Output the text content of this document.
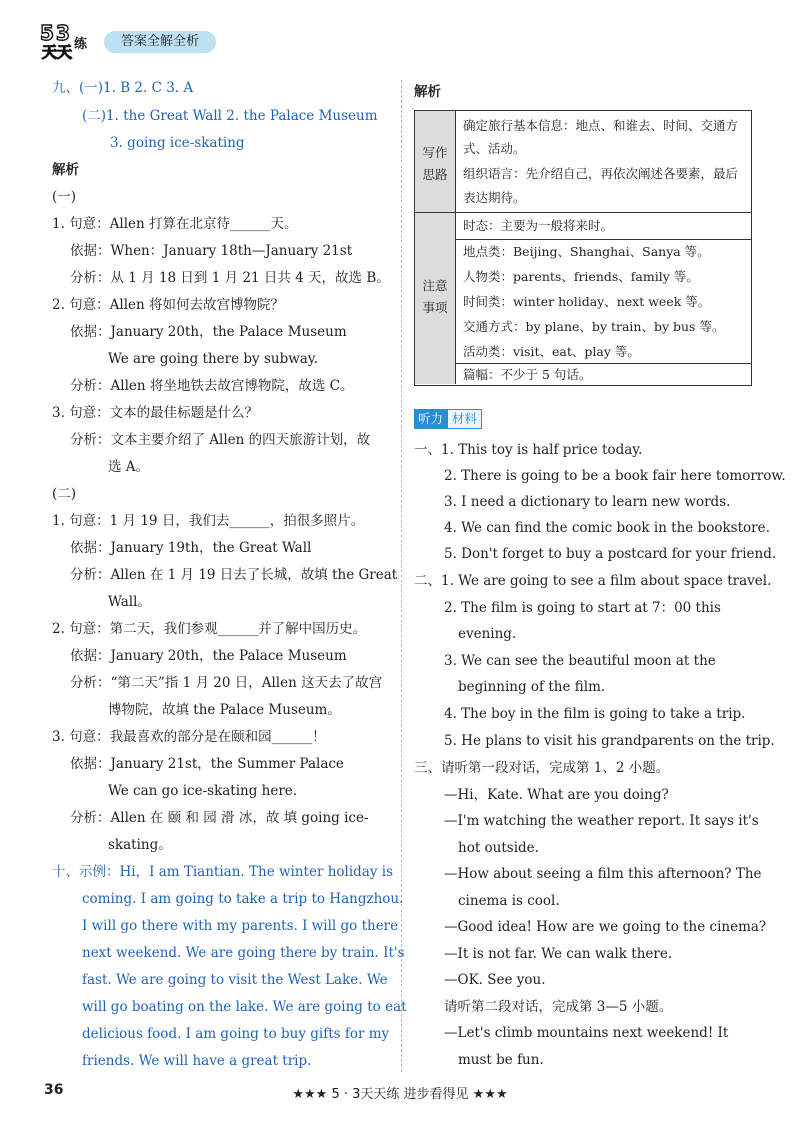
5 3
天天 练	答案全解全析
九、(一)1. B 2. C 3. A
(二)1. the Great Wall 2. the Palace Museum
3. going ice-skating
解析
(一)
1. 句意：Allen 打算在北京待______天。
依据：When：January 18th—January 21st
分析：从 1 月 18 日到 1 月 21 日共 4 天，故选 B。
2. 句意：Allen 将如何去故宫博物院？
依据：January 20th，the Palace Museum
We are going there by subway.
分析：Allen 将坐地铁去故宫博物院，故选 C。
3. 句意：文本的最佳标题是什么？
分析：文本主要介绍了 Allen 的四天旅游计划，故
选 A。
(二)
1. 句意：1 月 19 日，我们去______，拍很多照片。
依据：January 19th，the Great Wall
分析：Allen 在 1 月 19 日去了长城，故填 the Great
Wall。
2. 句意：第二天，我们参观______并了解中国历史。
依据：January 20th，the Palace Museum
分析：“第二天”指 1 月 20 日，Allen 这天去了故宫
博物院，故填 the Palace Museum。
3. 句意：我最喜欢的部分是在颐和园______！
依据：January 21st，the Summer Palace
We can go ice-skating here.
分析：Allen 在 颐 和 园 滑 冰，故 填 going ice-
skating。
十、示例：Hi，I am Tiantian. The winter holiday is
coming. I am going to take a trip to Hangzhou.
I will go there with my parents. I will go there
next weekend. We are going there by train. It's
fast. We are going to visit the West Lake. We
will go boating on the lake. We are going to eat
delicious food. I am going to buy gifts for my
friends. We will have a great trip.
解析
写作
思路
确定旅行基本信息：地点、和谁去、时间、交通方
式、活动。
组织语言：先介绍自己，再依次阐述各要素，最后
表达期待。
注意
事项
时态：主要为一般将来时。
地点类：Beijing、Shanghai、Sanya 等。
人物类：parents、friends、family 等。
时间类：winter holiday、next week 等。
交通方式：by plane、by train、by bus 等。
活动类：visit、eat、play 等。
篇幅：不少于 5 句话。
听力 材料
一、1. This toy is half price today.
2. There is going to be a book fair here tomorrow.
3. I need a dictionary to learn new words.
4. We can find the comic book in the bookstore.
5. Don't forget to buy a postcard for your friend.
二、1. We are going to see a film about space travel.
2. The film is going to start at 7：00 this
evening.
3. We can see the beautiful moon at the
beginning of the film.
4. The boy in the film is going to take a trip.
5. He plans to visit his grandparents on the trip.
三、请听第一段对话，完成第 1、2 小题。
—Hi，Kate. What are you doing?
—I'm watching the weather report. It says it's
hot outside.
—How about seeing a film this afternoon? The
cinema is cool.
—Good idea! How are we going to the cinema?
—It is not far. We can walk there.
—OK. See you.
请听第二段对话，完成第 3—5 小题。
—Let's climb mountains next weekend! It
must be fun.
36	★★★ 5 · 3天天练 进步看得见 ★★★
